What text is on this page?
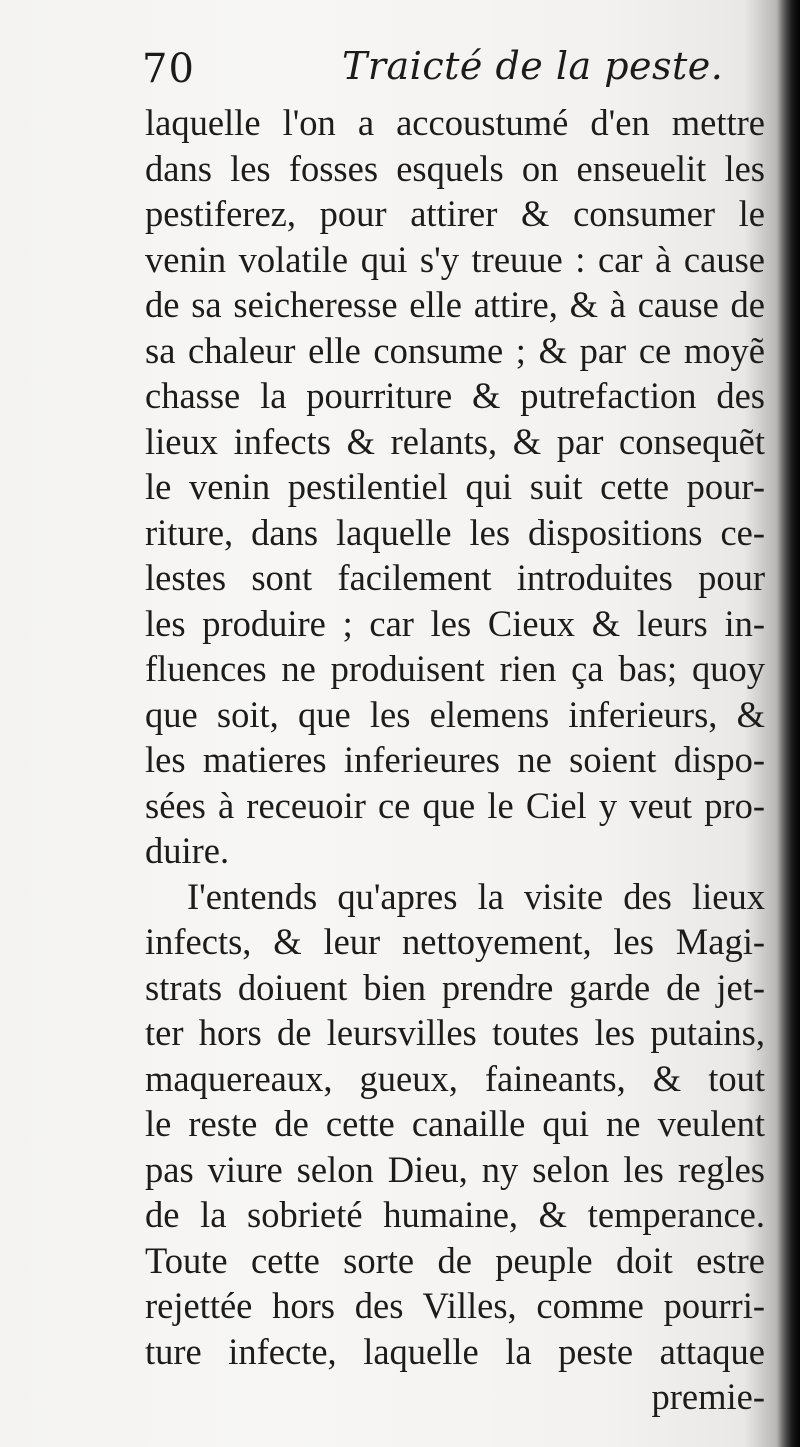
70	Traicté de la peste.
laquelle l'on a accoustumé d'en mettre
dans les fosses esquels on enseuelit les
pestiferez, pour attirer & consumer le
venin volatile qui s'y treuue : car à cause
de sa seicheresse elle attire, & à cause de
sa chaleur elle consume ; & par ce moyẽ
chasse la pourriture & putrefaction des
lieux infects & relants, & par consequẽt
le venin pestilentiel qui suit cette pour-
riture, dans laquelle les dispositions ce-
lestes sont facilement introduites pour
les produire ; car les Cieux & leurs in-
fluences ne produisent rien ça bas; quoy
que soit, que les elemens inferieurs, &
les matieres inferieures ne soient dispo-
sées à receuoir ce que le Ciel y veut pro-
duire.
I'entends qu'apres la visite des lieux
infects, & leur nettoyement, les Magi-
strats doiuent bien prendre garde de jet-
ter hors de leursvilles toutes les putains,
maquereaux, gueux, faineants, & tout
le reste de cette canaille qui ne veulent
pas viure selon Dieu, ny selon les regles
de la sobrieté humaine, & temperance.
Toute cette sorte de peuple doit estre
rejettée hors des Villes, comme pourri-
ture infecte, laquelle la peste attaque
premie-
